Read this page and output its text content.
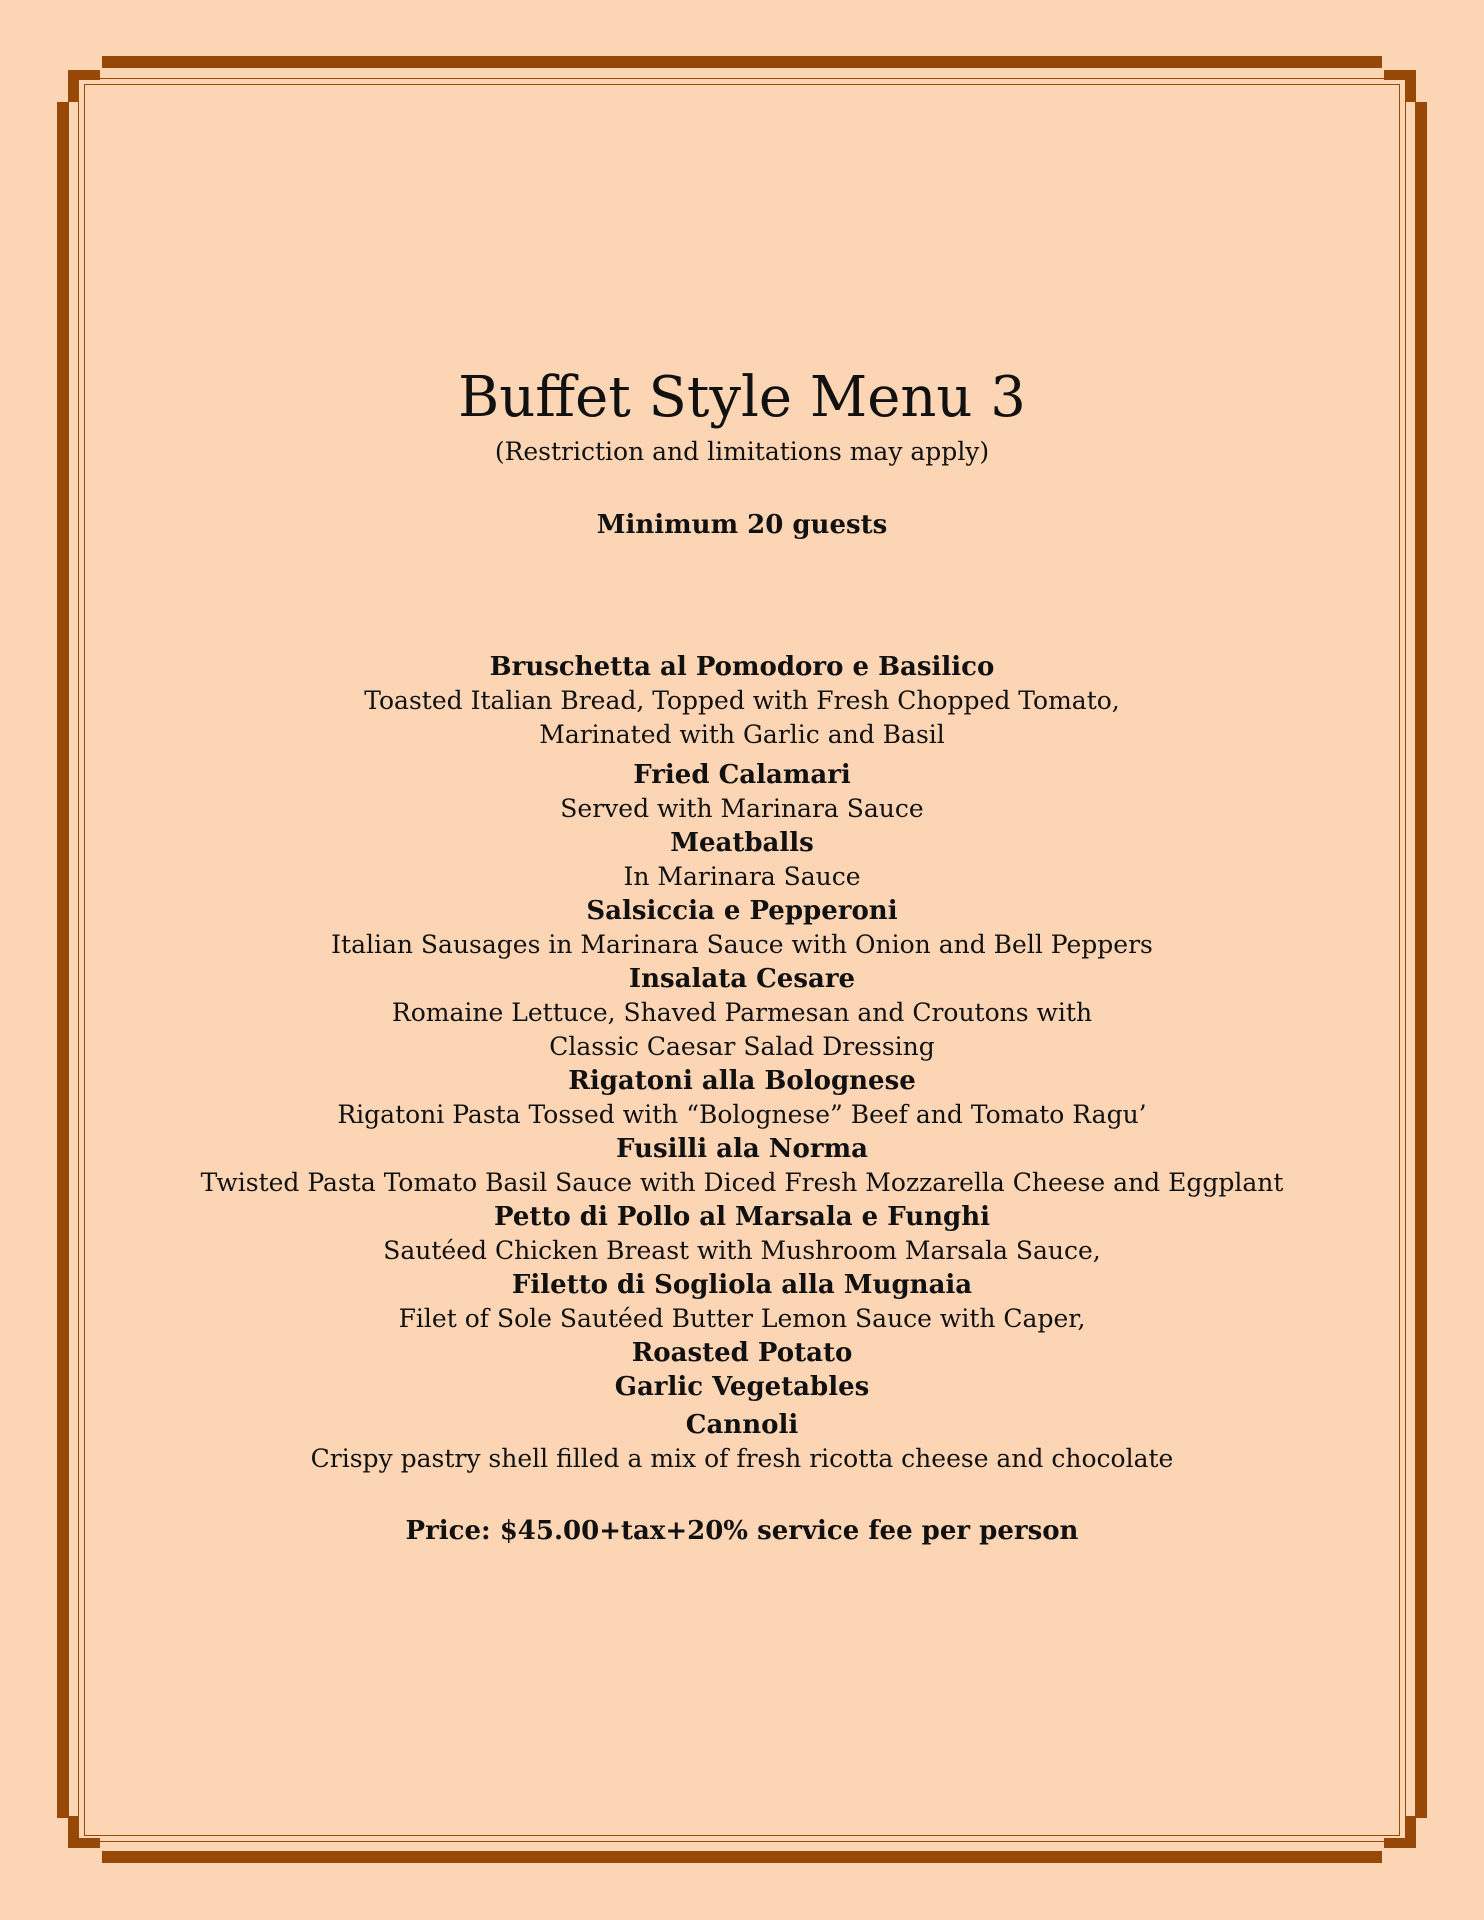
Buffet Style Menu 3
(Restriction and limitations may apply)
Minimum 20 guests
Bruschetta al Pomodoro e Basilico
Toasted Italian Bread, Topped with Fresh Chopped Tomato,
Marinated with Garlic and Basil
Fried Calamari
Served with Marinara Sauce
Meatballs
In Marinara Sauce
Salsiccia e Pepperoni
Italian Sausages in Marinara Sauce with Onion and Bell Peppers
Insalata Cesare
Romaine Lettuce, Shaved Parmesan and Croutons with
Classic Caesar Salad Dressing
Rigatoni alla Bolognese
Rigatoni Pasta Tossed with “Bolognese” Beef and Tomato Ragu’
Fusilli ala Norma
Twisted Pasta Tomato Basil Sauce with Diced Fresh Mozzarella Cheese and Eggplant
Petto di Pollo al Marsala e Funghi
Sautéed Chicken Breast with Mushroom Marsala Sauce,
Filetto di Sogliola alla Mugnaia
Filet of Sole Sautéed Butter Lemon Sauce with Caper,
Roasted Potato
Garlic Vegetables
Cannoli
Crispy pastry shell filled a mix of fresh ricotta cheese and chocolate
Price: $45.00+tax+20% service fee per person
